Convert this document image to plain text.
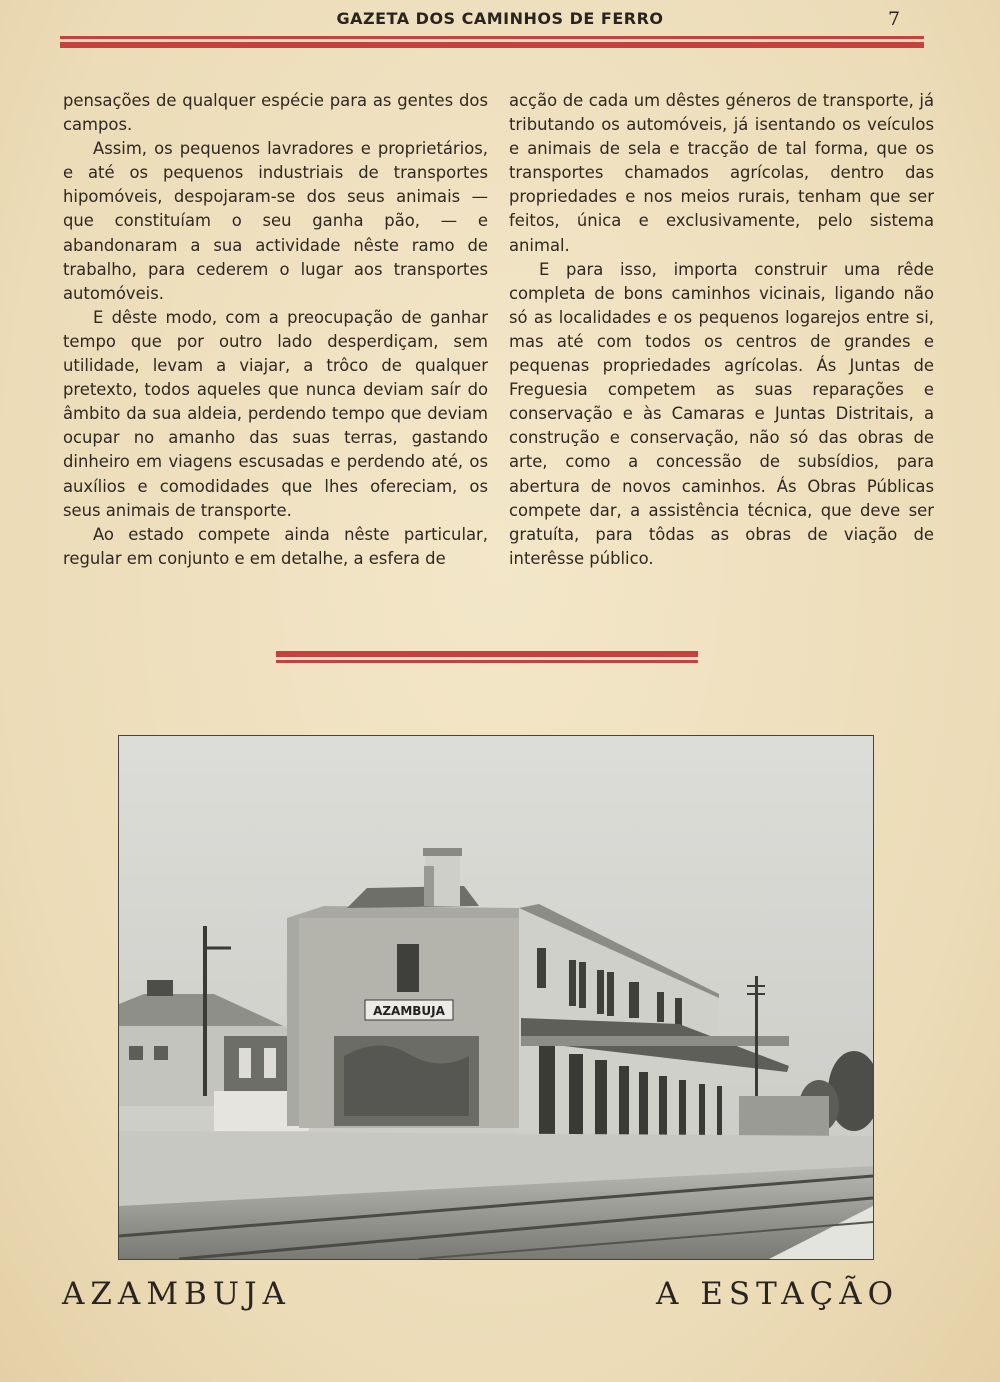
GAZETA DOS CAMINHOS DE FERRO	7

pensações de qualquer espécie para as gentes dos campos.

Assim, os pequenos lavradores e proprietários, e até os pequenos industriais de transportes hipomóveis, despojaram-se dos seus animais — que constituíam o seu ganha pão, — e abandonaram a sua actividade nêste ramo de trabalho, para cederem o lugar aos transportes automóveis.

E dêste modo, com a preocupação de ganhar tempo que por outro lado desperdiçam, sem utilidade, levam a viajar, a trôco de qualquer pretexto, todos aqueles que nunca deviam saír do âmbito da sua aldeia, perdendo tempo que deviam ocupar no amanho das suas terras, gastando dinheiro em viagens escusadas e perdendo até, os auxílios e comodidades que lhes ofereciam, os seus animais de transporte.

Ao estado compete ainda nêste particular, regular em conjunto e em detalhe, a esfera de

acção de cada um dêstes géneros de transporte, já tributando os automóveis, já isentando os veículos e animais de sela e tracção de tal forma, que os transportes chamados agrícolas, dentro das propriedades e nos meios rurais, tenham que ser feitos, única e exclusivamente, pelo sistema animal.

E para isso, importa construir uma rêde completa de bons caminhos vicinais, ligando não só as localidades e os pequenos logarejos entre si, mas até com todos os centros de grandes e pequenas propriedades agrícolas. Ás Juntas de Freguesia competem as suas reparações e conservação e às Camaras e Juntas Distritais, a construção e conservação, não só das obras de arte, como a concessão de subsídios, para abertura de novos caminhos. Ás Obras Públicas compete dar, a assistência técnica, que deve ser gratuíta, para tôdas as obras de viação de interêsse público.

AZAMBUJA
AZAMBUJA	A ESTAÇÃO
